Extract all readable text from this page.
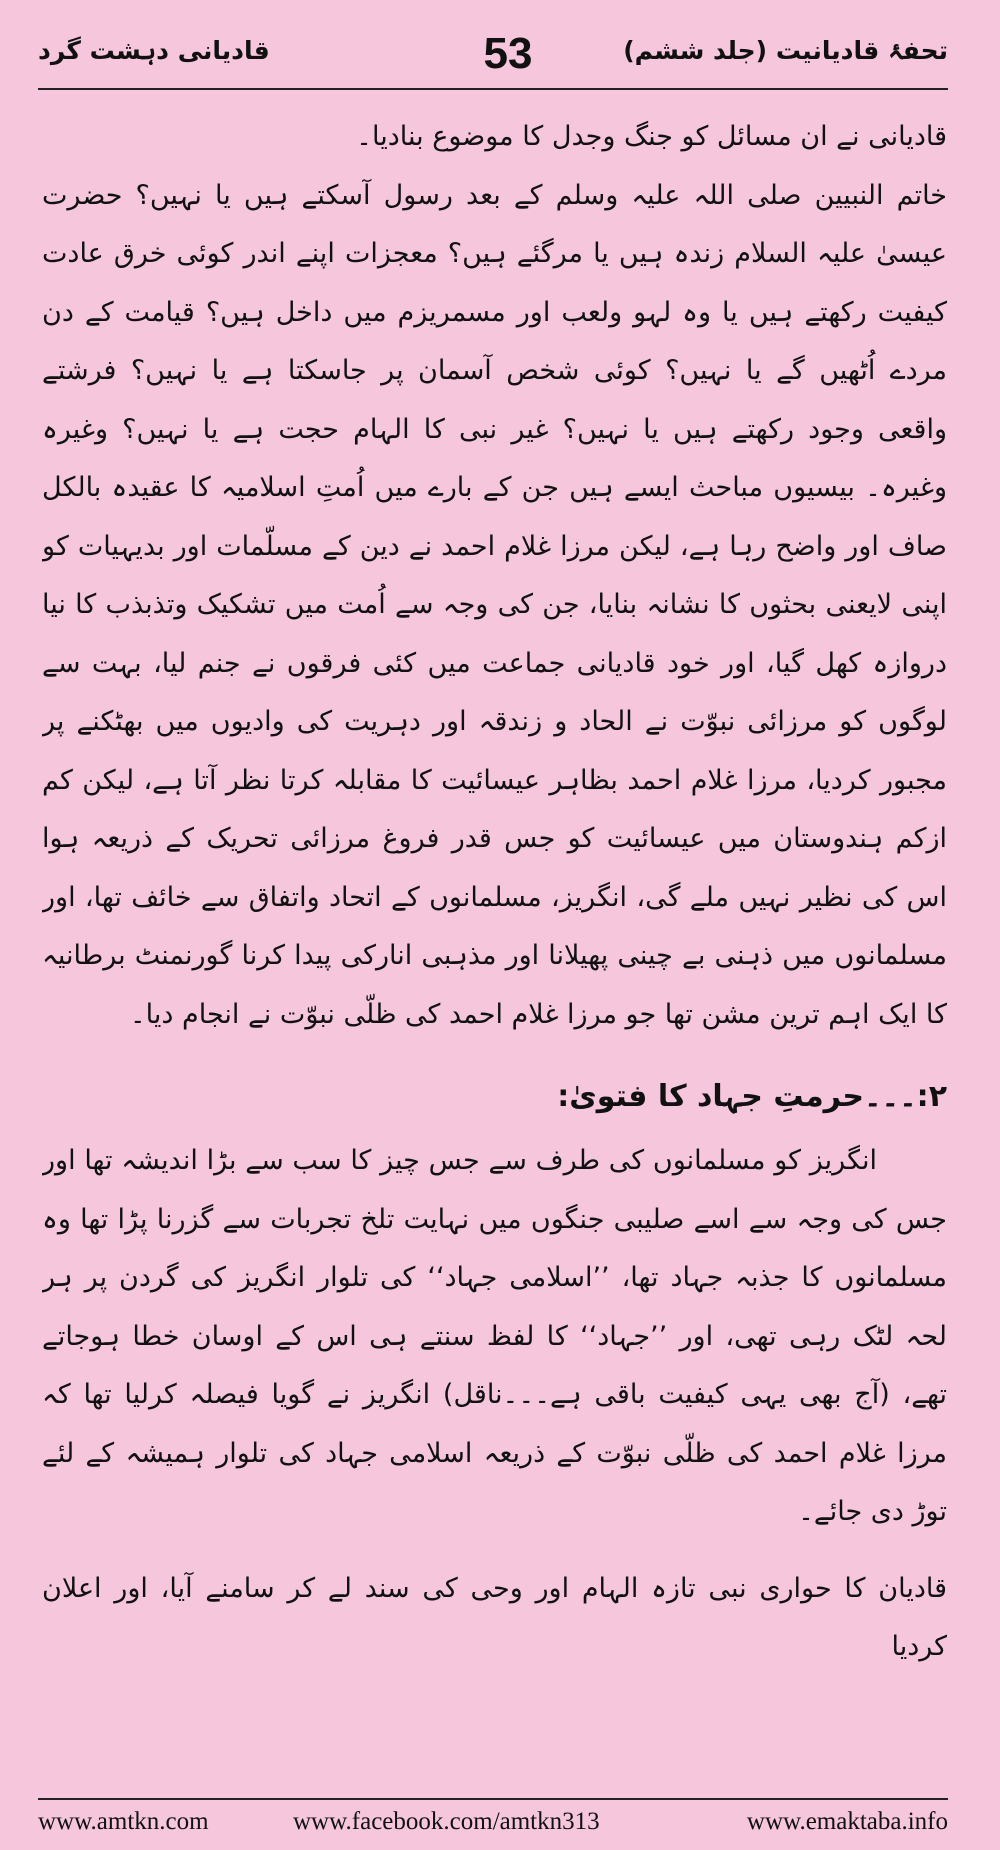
تحفۂ قادیانیت (جلد ششم)
53
قادیانی دہشت گرد

قادیانی نے ان مسائل کو جنگ وجدل کا موضوع بنادیا۔

خاتم النبیین صلی اللہ علیہ وسلم کے بعد رسول آسکتے ہیں یا نہیں؟ حضرت عیسیٰ علیہ السلام زندہ ہیں یا مرگئے ہیں؟ معجزات اپنے اندر کوئی خرق عادت کیفیت رکھتے ہیں یا وہ لہو ولعب اور مسمریزم میں داخل ہیں؟ قیامت کے دن مردے اُٹھیں گے یا نہیں؟ کوئی شخص آسمان پر جاسکتا ہے یا نہیں؟ فرشتے واقعی وجود رکھتے ہیں یا نہیں؟ غیر نبی کا الہام حجت ہے یا نہیں؟ وغیرہ وغیرہ۔ بیسیوں مباحث ایسے ہیں جن کے بارے میں اُمتِ اسلامیہ کا عقیدہ بالکل صاف اور واضح رہا ہے، لیکن مرزا غلام احمد نے دین کے مسلّمات اور بدیہیات کو اپنی لایعنی بحثوں کا نشانہ بنایا، جن کی وجہ سے اُمت میں تشکیک وتذبذب کا نیا دروازہ کھل گیا، اور خود قادیانی جماعت میں کئی فرقوں نے جنم لیا، بہت سے لوگوں کو مرزائی نبوّت نے الحاد و زندقہ اور دہریت کی وادیوں میں بھٹکنے پر مجبور کردیا، مرزا غلام احمد بظاہر عیسائیت کا مقابلہ کرتا نظر آتا ہے، لیکن کم ازکم ہندوستان میں عیسائیت کو جس قدر فروغ مرزائی تحریک کے ذریعہ ہوا اس کی نظیر نہیں ملے گی، انگریز، مسلمانوں کے اتحاد واتفاق سے خائف تھا، اور مسلمانوں میں ذہنی بے چینی پھیلانا اور مذہبی انارکی پیدا کرنا گورنمنٹ برطانیہ کا ایک اہم ترین مشن تھا جو مرزا غلام احمد کی ظلّی نبوّت نے انجام دیا۔

۲:۔۔۔حرمتِ جہاد کا فتویٰ:

انگریز کو مسلمانوں کی طرف سے جس چیز کا سب سے بڑا اندیشہ تھا اور جس کی وجہ سے اسے صلیبی جنگوں میں نہایت تلخ تجربات سے گزرنا پڑا تھا وہ مسلمانوں کا جذبہ جہاد تھا، ’’اسلامی جہاد‘‘ کی تلوار انگریز کی گردن پر ہر لحہ لٹک رہی تھی، اور ’’جہاد‘‘ کا لفظ سنتے ہی اس کے اوسان خطا ہوجاتے تھے، (آج بھی یہی کیفیت باقی ہے۔۔۔ناقل) انگریز نے گویا فیصلہ کرلیا تھا کہ مرزا غلام احمد کی ظلّی نبوّت کے ذریعہ اسلامی جہاد کی تلوار ہمیشہ کے لئے توڑ دی جائے۔

قادیان کا حواری نبی تازہ الہام اور وحی کی سند لے کر سامنے آیا، اور اعلان کردیا

www.amtkn.com	www.facebook.com/amtkn313	www.emaktaba.info
